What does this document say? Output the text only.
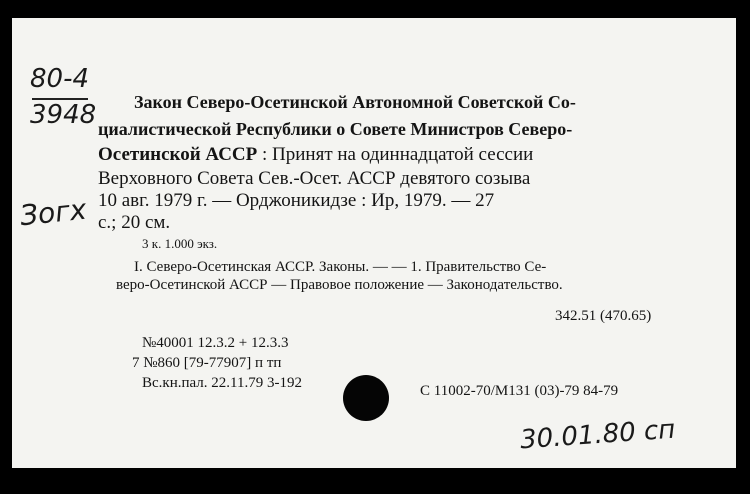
80-4
3948
Зогх
Закон Северо-Осетинской Автономной Советской Со-
циалистической Республики о Совете Министров Северо-
Осетинской АССР : Принят на одиннадцатой сессии
Верховного Совета Сев.-Осет. АССР девятого созыва
10 авг. 1979 г. — Орджоникидзе : Ир, 1979. — 27
с.; 20 см.
3 к. 1.000 экз.
I. Северо-Осетинская АССР. Законы. — — 1. Правительство Се-
веро-Осетинской АССР — Правовое положение — Законодательство.
342.51 (470.65)
№40001 12.3.2 + 12.3.3
7 №860 [79-77907] п тп
Вс.кн.пал. 22.11.79 3-192	С 11002-70/М131 (03)-79 84-79
30.01.80 сп
